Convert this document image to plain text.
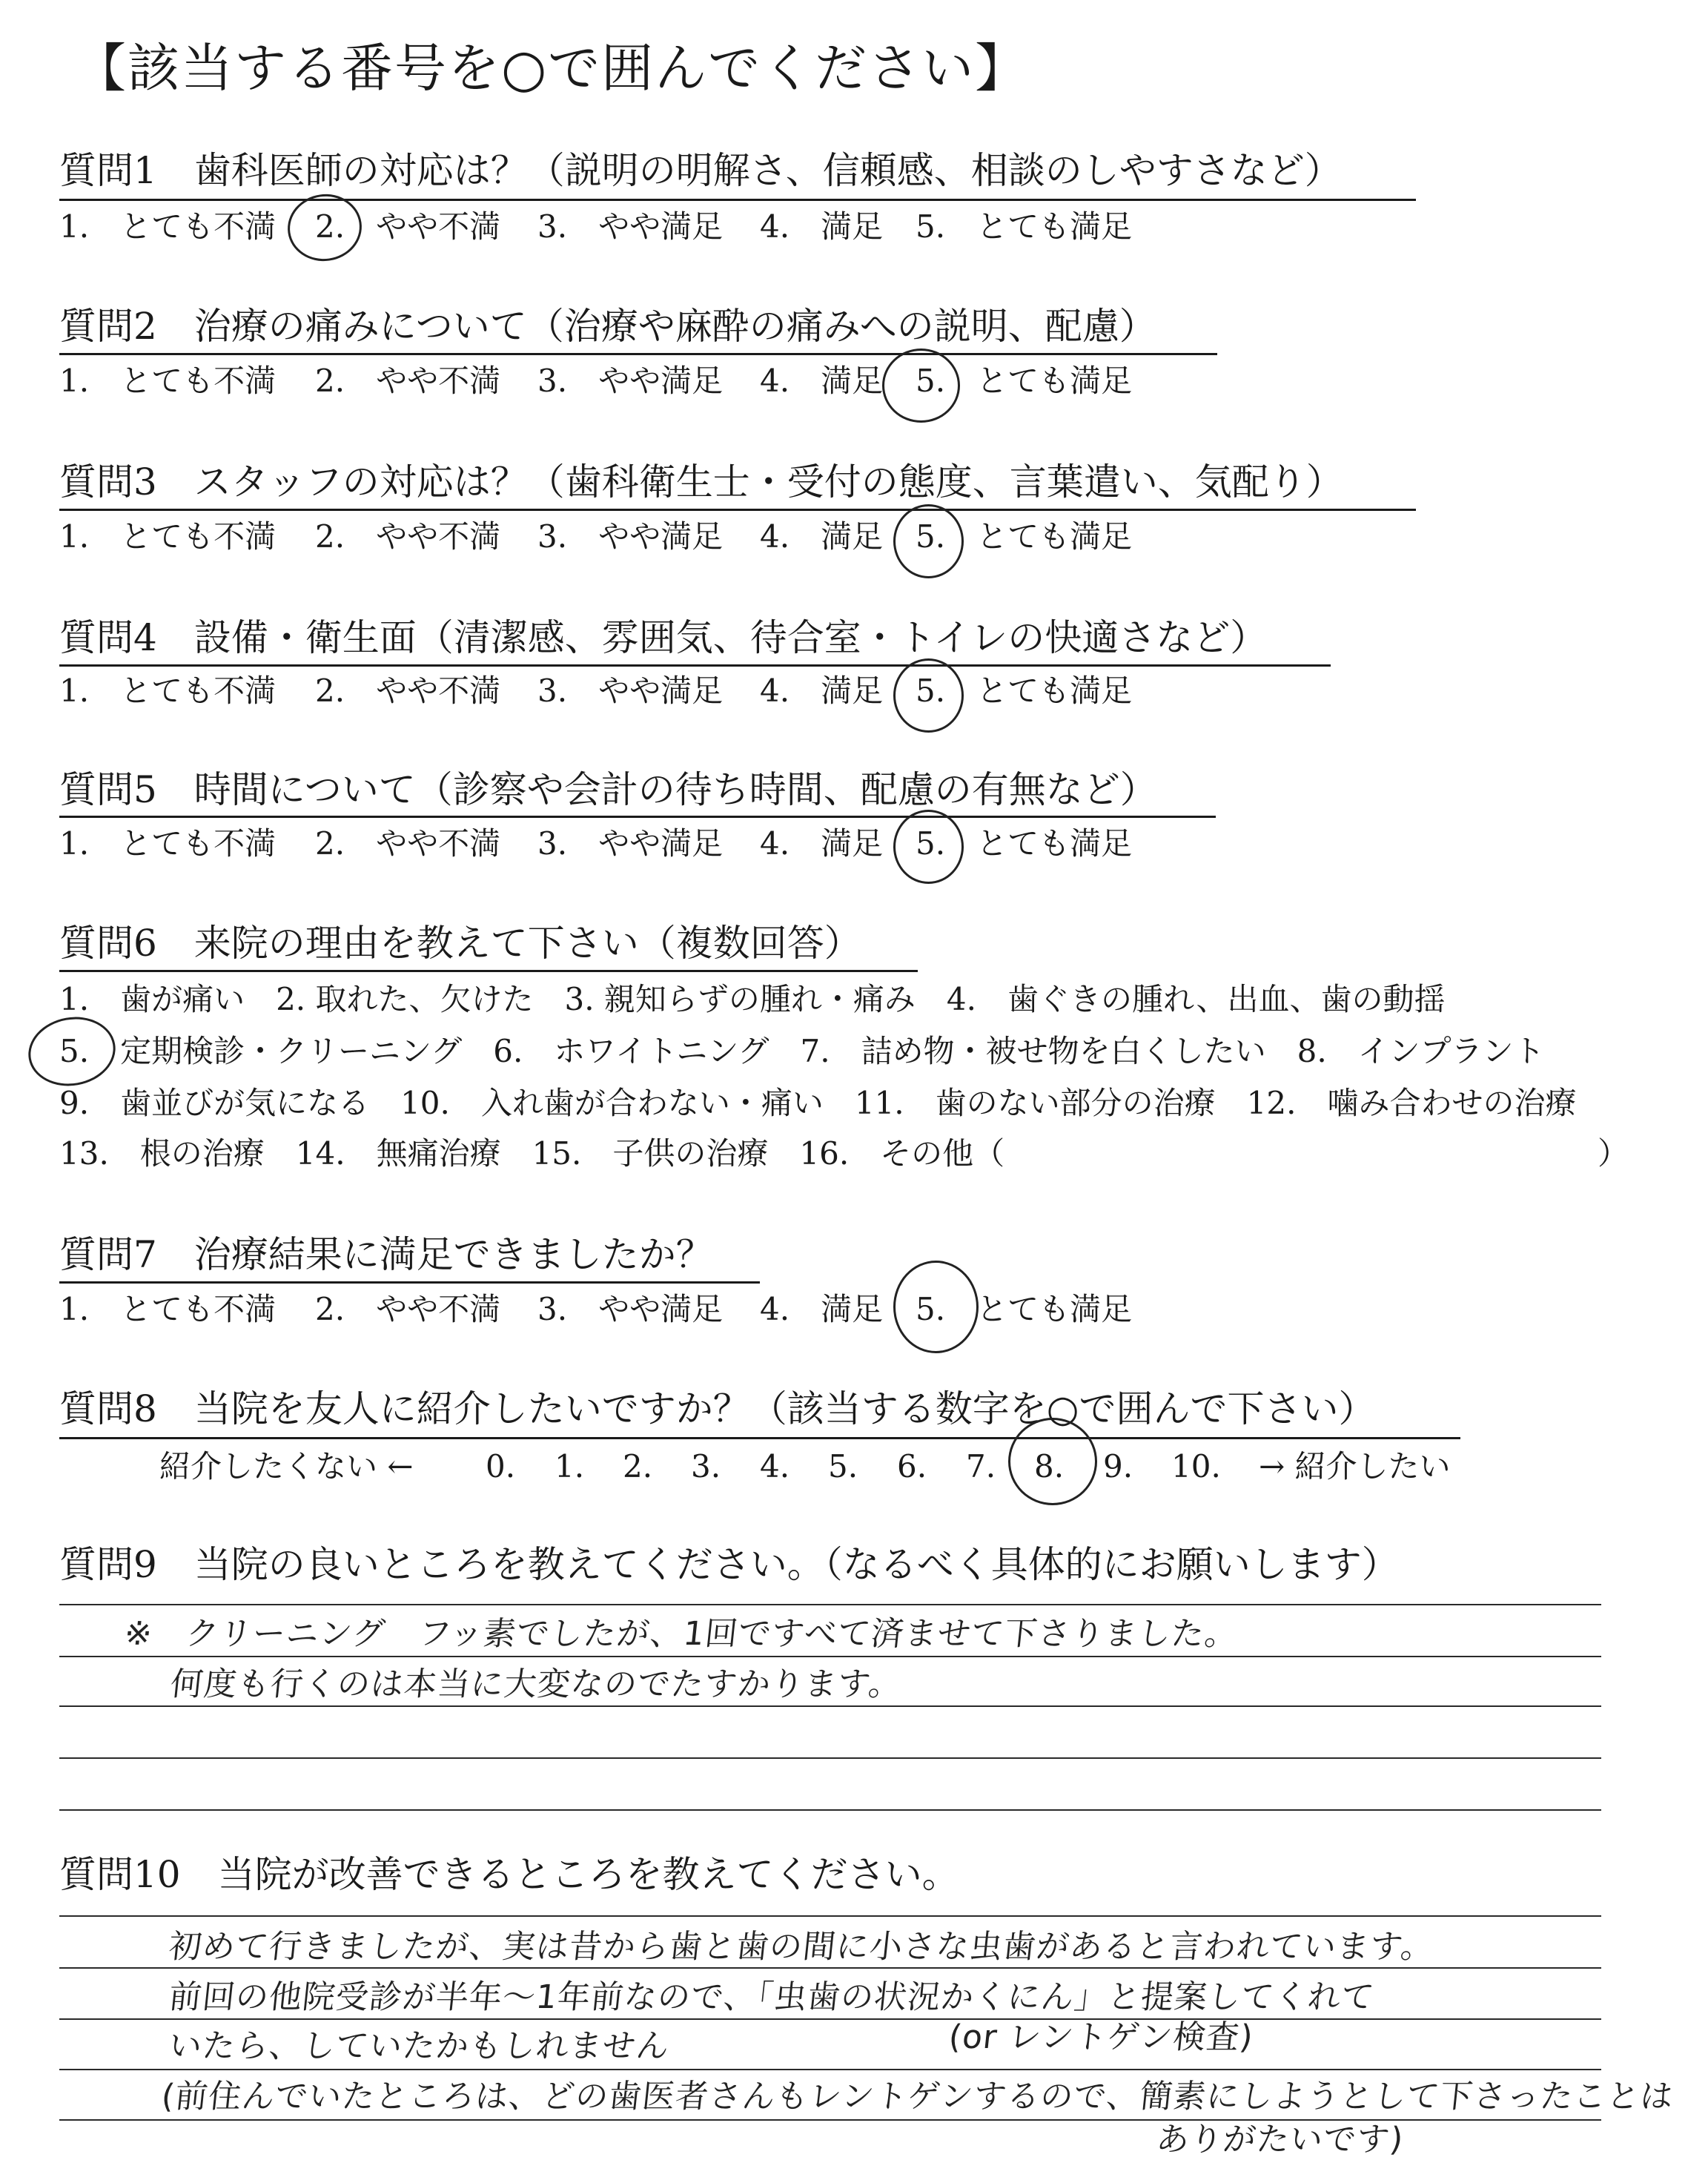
【該当する番号を○で囲んでください】
質問1　歯科医師の対応は？（説明の明解さ、信頼感、相談のしやすさなど）
1.　とても不満 2.　やや不満 3.　やや満足 4.　満足 5.　とても満足
質問2　治療の痛みについて（治療や麻酔の痛みへの説明、配慮）
1.　とても不満 2.　やや不満 3.　やや満足 4.　満足 5.　とても満足
質問3　スタッフの対応は？（歯科衛生士・受付の態度、言葉遣い、気配り）
1.　とても不満 2.　やや不満 3.　やや満足 4.　満足 5.　とても満足
質問4　設備・衛生面（清潔感、雰囲気、待合室・トイレの快適さなど）
1.　とても不満 2.　やや不満 3.　やや満足 4.　満足 5.　とても満足
質問5　時間について（診察や会計の待ち時間、配慮の有無など）
1.　とても不満 2.　やや不満 3.　やや満足 4.　満足 5.　とても満足
質問6　来院の理由を教えて下さい（複数回答）
1.　歯が痛い　2. 取れた、欠けた　3. 親知らずの腫れ・痛み　4.　歯ぐきの腫れ、出血、歯の動揺
5.　定期検診・クリーニング　6.　ホワイトニング　7.　詰め物・被せ物を白くしたい　8.　インプラント
9.　歯並びが気になる　10.　入れ歯が合わない・痛い　11.　歯のない部分の治療　12.　噛み合わせの治療
13.　根の治療　14.　無痛治療　15.　子供の治療　16.　その他（	）
質問7　治療結果に満足できましたか？
1.　とても不満 2.　やや不満 3.　やや満足 4.　満足 5.　とても満足
質問8　当院を友人に紹介したいですか？（該当する数字を○で囲んで下さい）
紹介したくない ← 0. 1. 2. 3. 4. 5. 6. 7. 8. 9. 10. → 紹介したい
質問9　当院の良いところを教えてください。（なるべく具体的にお願いします）
※　クリーニング　フッ素でしたが、1回ですべて済ませて下さりました。
何度も行くのは本当に大変なのでたすかります。
質問10　当院が改善できるところを教えてください。
初めて行きましたが、実は昔から歯と歯の間に小さな虫歯があると言われています。
前回の他院受診が半年～1年前なので、「虫歯の状況かくにん」と提案してくれて
いたら、していたかもしれません	(or レントゲン検査)
(前住んでいたところは、どの歯医者さんもレントゲンするので、簡素にしようとして下さったことは
ありがたいです)
